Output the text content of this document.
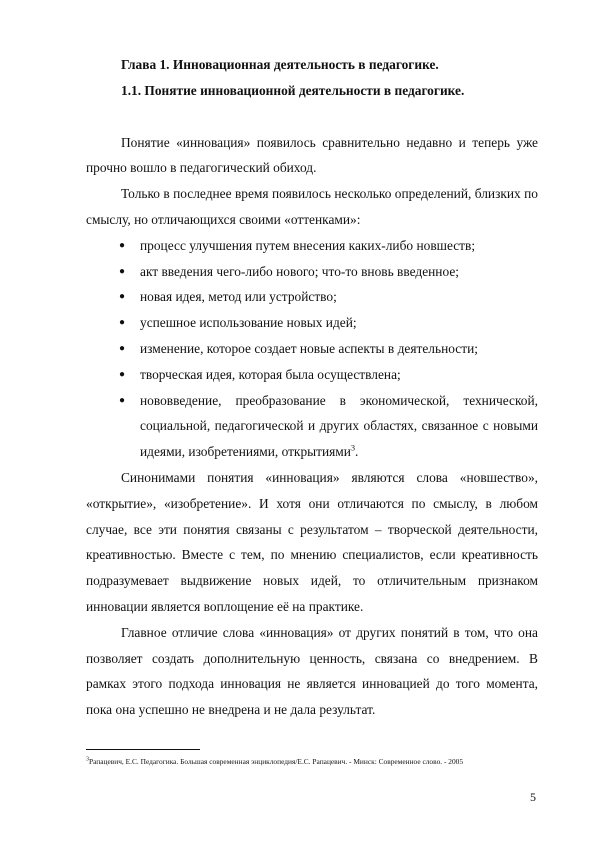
Глава 1. Инновационная деятельность в педагогике.
1.1. Понятие инновационной деятельности в педагогике.

Понятие «инновация» появилось сравнительно недавно и теперь уже прочно вошло в педагогический обиход.

Только в последнее время появилось несколько определений, близких по смыслу, но отличающихся своими «оттенками»:

● процесс улучшения путем внесения каких-либо новшеств;
● акт введения чего-либо нового; что-то вновь введенное;
● новая идея, метод или устройство;
● успешное использование новых идей;
● изменение, которое создает новые аспекты в деятельности;
● творческая идея, которая была осуществлена;
● нововведение, преобразование в экономической, технической, социальной, педагогической и других областях, связанное с новыми идеями, изобретениями, открытиями$^3$.

Синонимами понятия «инновация» являются слова «новшество», «открытие», «изобретение». И хотя они отличаются по смыслу, в любом случае, все эти понятия связаны с результатом – творческой деятельности, креативностью. Вместе с тем, по мнению специалистов, если креативность подразумевает выдвижение новых идей, то отличительным признаком инновации является воплощение её на практике.

Главное отличие слова «инновация» от других понятий в том, что она позволяет создать дополнительную ценность, связана со внедрением. В рамках этого подхода инновация не является инновацией до того момента, пока она успешно не внедрена и не дала результат.

$^3$Рапацевич, Е.С. Педагогика. Большая современная энциклопедия/Е.С. Рапацевич. - Минск: Современное слово. - 2005
5
